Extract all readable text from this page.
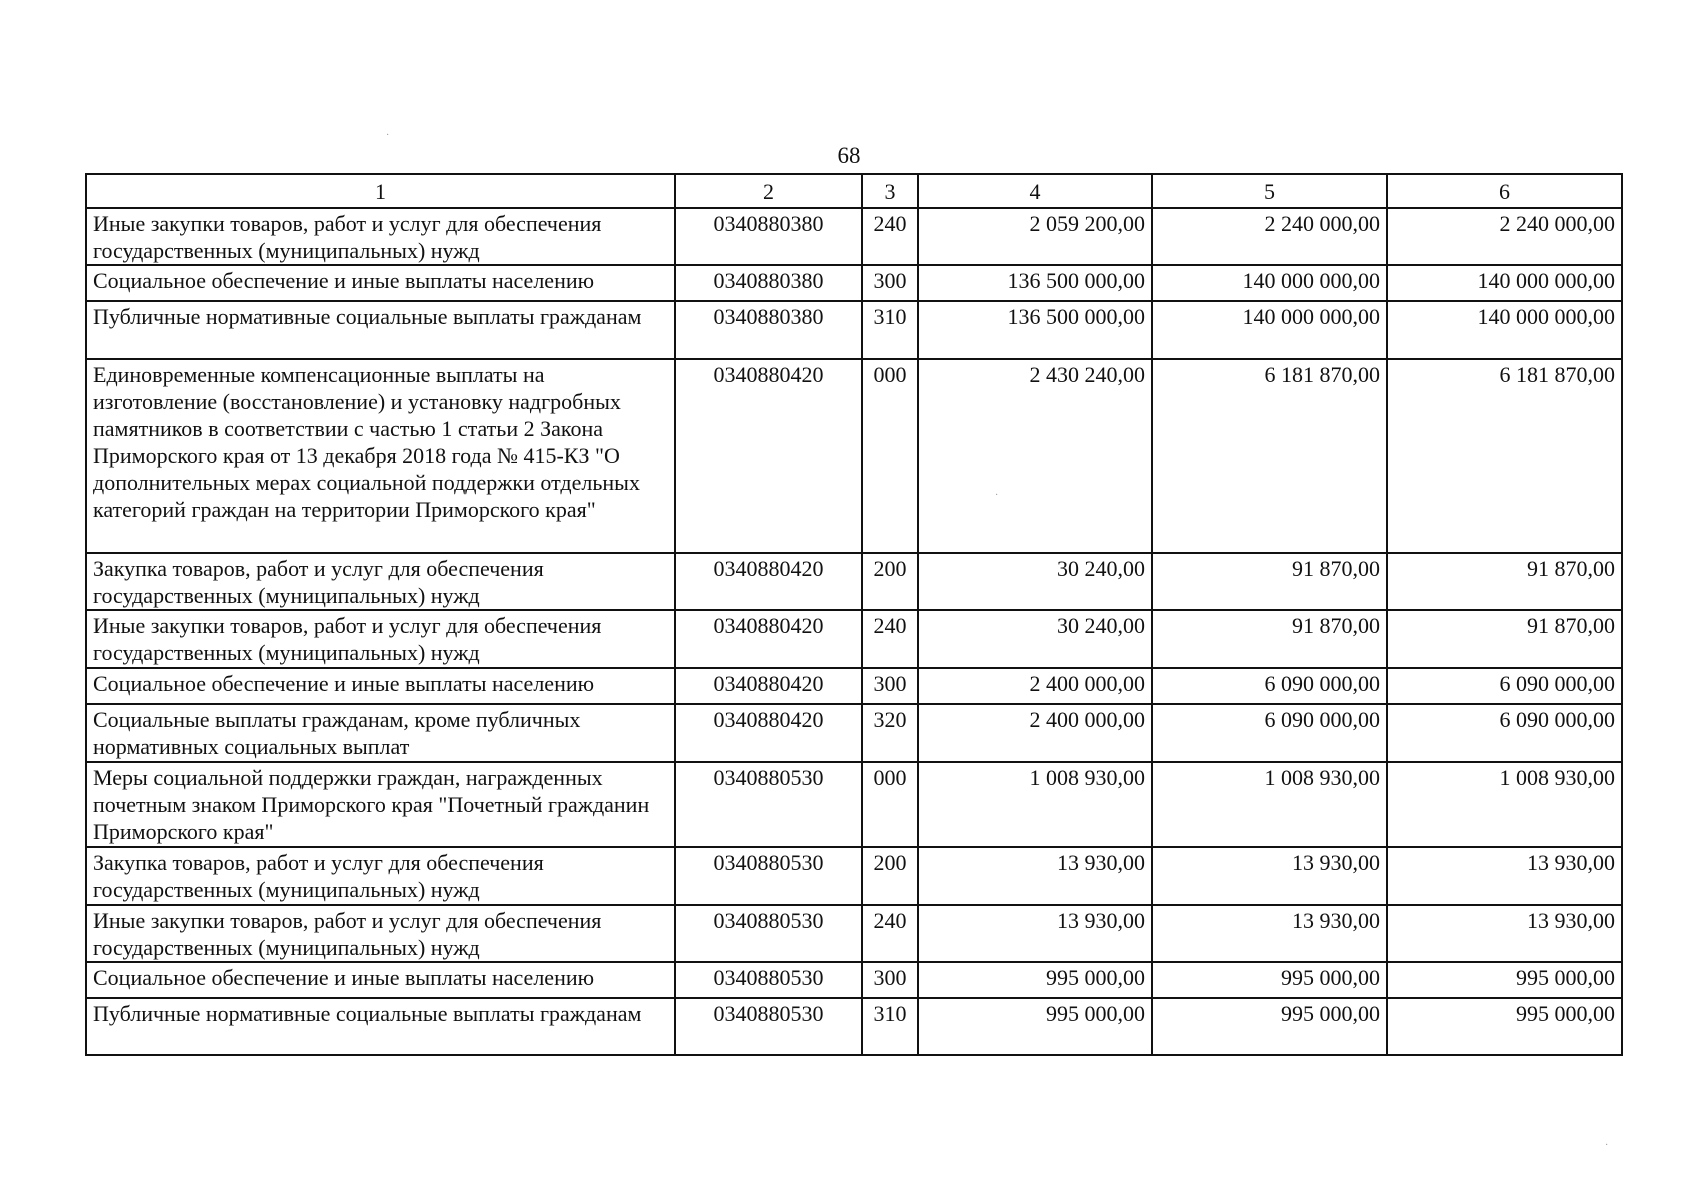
68
1	2	3	4	5	6
Иные закупки товаров, работ и услуг для обеспечения государственных (муниципальных) нужд	0340880380	240	2 059 200,00	2 240 000,00	2 240 000,00
Социальное обеспечение и иные выплаты населению	0340880380	300	136 500 000,00	140 000 000,00	140 000 000,00
Публичные нормативные социальные выплаты гражданам	0340880380	310	136 500 000,00	140 000 000,00	140 000 000,00
Единовременные компенсационные выплаты на изготовление (восстановление) и установку надгробных памятников в соответствии с частью 1 статьи 2 Закона Приморского края от 13 декабря 2018 года № 415-КЗ "О дополнительных мерах социальной поддержки отдельных категорий граждан на территории Приморского края"	0340880420	000	2 430 240,00	6 181 870,00	6 181 870,00
Закупка товаров, работ и услуг для обеспечения государственных (муниципальных) нужд	0340880420	200	30 240,00	91 870,00	91 870,00
Иные закупки товаров, работ и услуг для обеспечения государственных (муниципальных) нужд	0340880420	240	30 240,00	91 870,00	91 870,00
Социальное обеспечение и иные выплаты населению	0340880420	300	2 400 000,00	6 090 000,00	6 090 000,00
Социальные выплаты гражданам, кроме публичных нормативных социальных выплат	0340880420	320	2 400 000,00	6 090 000,00	6 090 000,00
Меры социальной поддержки граждан, награжденных почетным знаком Приморского края "Почетный гражданин Приморского края"	0340880530	000	1 008 930,00	1 008 930,00	1 008 930,00
Закупка товаров, работ и услуг для обеспечения государственных (муниципальных) нужд	0340880530	200	13 930,00	13 930,00	13 930,00
Иные закупки товаров, работ и услуг для обеспечения государственных (муниципальных) нужд	0340880530	240	13 930,00	13 930,00	13 930,00
Социальное обеспечение и иные выплаты населению	0340880530	300	995 000,00	995 000,00	995 000,00
Публичные нормативные социальные выплаты гражданам	0340880530	310	995 000,00	995 000,00	995 000,00
·
·
·
